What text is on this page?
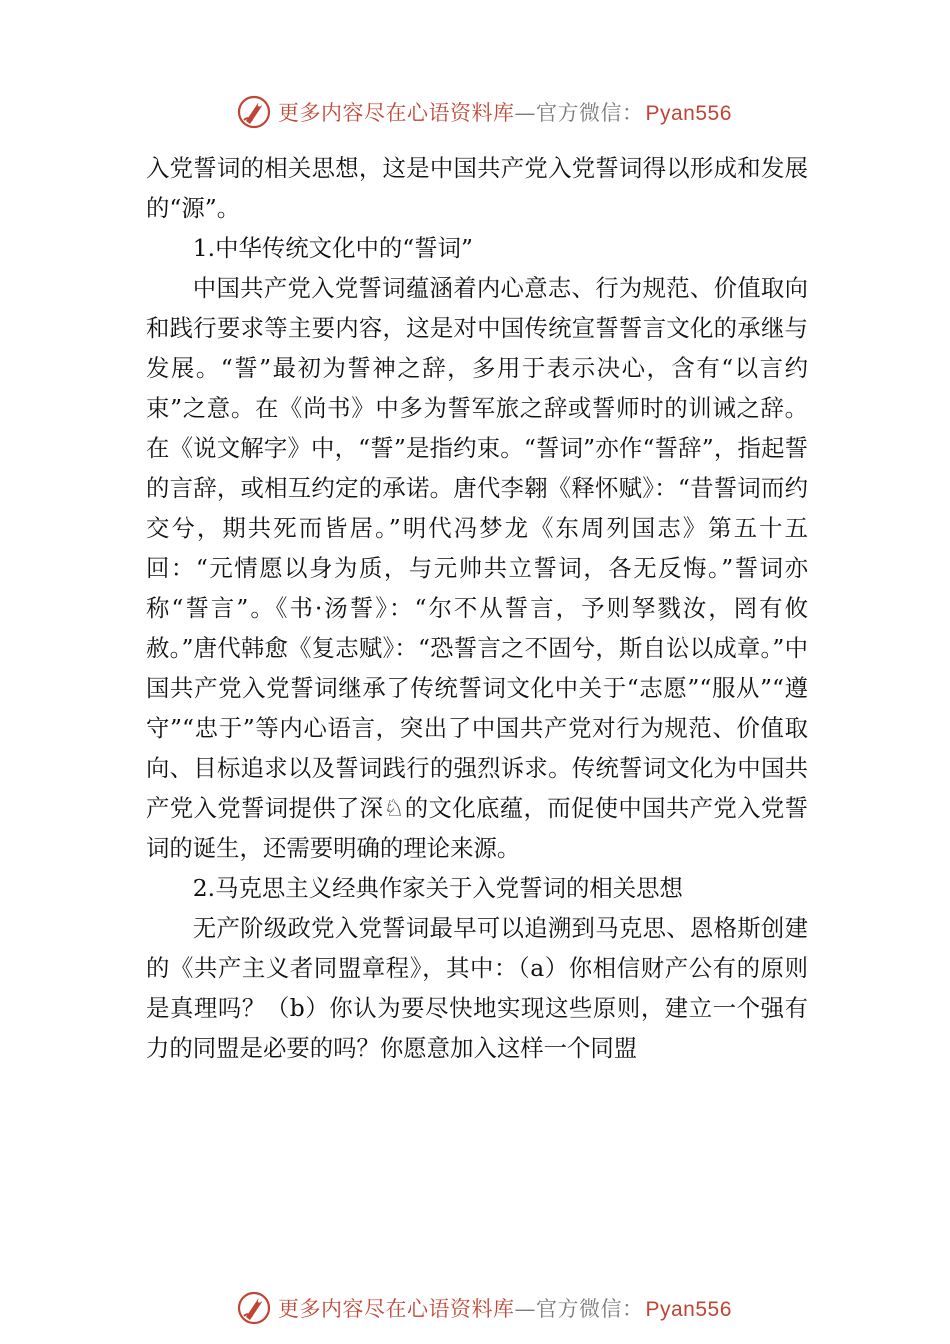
更多内容尽在心语资料库—官方微信：Pyan556

入党誓词的相关思想，这是中国共产党入党誓词得以形成和发展的“源”。

1.中华传统文化中的“誓词”

中国共产党入党誓词蕴涵着内心意志、行为规范、价值取向和践行要求等主要内容，这是对中国传统宣誓誓言文化的承继与发展。“誓”最初为誓神之辞，多用于表示决心，含有“以言约束”之意。在《尚书》中多为誓军旅之辞或誓师时的训诫之辞。在《说文解字》中，“誓”是指约束。“誓词”亦作“誓辞”，指起誓的言辞，或相互约定的承诺。唐代李翱《释怀赋》：“昔誓词而约交兮，期共死而皆居。”明代冯梦龙《东周列国志》第五十五回：“元情愿以身为质，与元帅共立誓词，各无反悔。”誓词亦称“誓言”。《书·汤誓》：“尔不从誓言，予则孥戮汝，罔有攸赦。”唐代韩愈《复志赋》：“恐誓言之不固兮，斯自讼以成章。”中国共产党入党誓词继承了传统誓词文化中关于“志愿”“服从”“遵守”“忠于”等内心语言，突出了中国共产党对行为规范、价值取向、目标追求以及誓词践行的强烈诉求。传统誓词文化为中国共产党入党誓词提供了深♘的文化底蕴，而促使中国共产党入党誓词的诞生，还需要明确的理论来源。

2.马克思主义经典作家关于入党誓词的相关思想

无产阶级政党入党誓词最早可以追溯到马克思、恩格斯创建的《共产主义者同盟章程》，其中：（a）你相信财产公有的原则是真理吗？（b）你认为要尽快地实现这些原则，建立一个强有力的同盟是必要的吗？你愿意加入这样一个同盟

更多内容尽在心语资料库—官方微信：Pyan556
